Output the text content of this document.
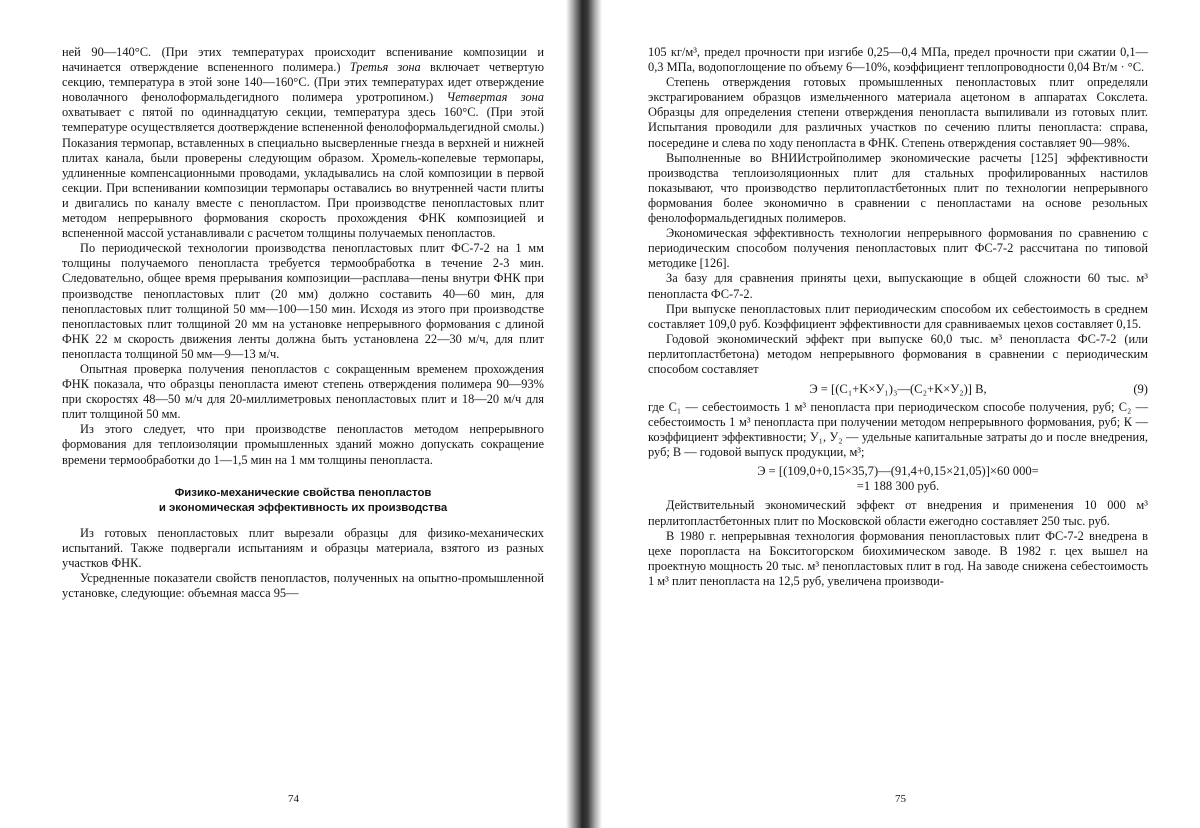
ней 90—140°C. (При этих температурах происходит вспенивание композиции и начинается отверждение вспененного полимера.) Третья зона включает четвертую секцию, температура в этой зоне 140—160°C. (При этих температурах идет отверждение новолачного фенолоформальдегидного полимера уротропином.) Четвертая зона охватывает с пятой по одиннадцатую секции, температура здесь 160°C. (При этой температуре осуществляется доотверждение вспененной фенолоформальдегидной смолы.) Показания термопар, вставленных в специально высверленные гнезда в верхней и нижней плитах канала, были проверены следующим образом. Хромель-копелевые термопары, удлиненные компенсационными проводами, укладывались на слой композиции в первой секции. При вспенивании композиции термопары оставались во внутренней части плиты и двигались по каналу вместе с пенопластом. При производстве пенопластовых плит методом непрерывного формования скорость прохождения ФНК композицией и вспененной массой устанавливали с расчетом толщины получаемых пенопластов.

По периодической технологии производства пенопластовых плит ФС-7-2 на 1 мм толщины получаемого пенопласта требуется термообработка в течение 2-3 мин. Следовательно, общее время прерывания композиции—расплава—пены внутри ФНК при производстве пенопластовых плит (20 мм) должно составить 40—60 мин, для пенопластовых плит толщиной 50 мм—100—150 мин. Исходя из этого при производстве пенопластовых плит толщиной 20 мм на установке непрерывного формования с длиной ФНК 22 м скорость движения ленты должна быть установлена 22—30 м/ч, для плит пенопласта толщиной 50 мм—9—13 м/ч.

Опытная проверка получения пенопластов с сокращенным временем прохождения ФНК показала, что образцы пенопласта имеют степень отверждения полимера 90—93% при скоростях 48—50 м/ч для 20-миллиметровых пенопластовых плит и 18—20 м/ч для плит толщиной 50 мм.

Из этого следует, что при производстве пенопластов методом непрерывного формования для теплоизоляции промышленных зданий можно допускать сокращение времени термообработки до 1—1,5 мин на 1 мм толщины пенопласта.

Физико-механические свойства пенопластов
и экономическая эффективность их производства

Из готовых пенопластовых плит вырезали образцы для физико-механических испытаний. Также подвергали испытаниям и образцы материала, взятого из разных участков ФНК.

Усредненные показатели свойств пенопластов, полученных на опытно-промышленной установке, следующие: объемная масса 95—

74

105 кг/м³, предел прочности при изгибе 0,25—0,4 МПа, предел прочности при сжатии 0,1—0,3 МПа, водопоглощение по объему 6—10%, коэффициент теплопроводности 0,04 Вт/м · °C.

Степень отверждения готовых промышленных пенопластовых плит определяли экстрагированием образцов измельченного материала ацетоном в аппаратах Сокслета. Образцы для определения степени отверждения пенопласта выпиливали из готовых плит. Испытания проводили для различных участков по сечению плиты пенопласта: справа, посередине и слева по ходу пенопласта в ФНК. Степень отверждения составляет 90—98%.

Выполненные во ВНИИстройполимер экономические расчеты [125] эффективности производства теплоизоляционных плит для стальных профилированных настилов показывают, что производство перлитопластбетонных плит по технологии непрерывного формования более экономично в сравнении с пенопластами на основе резольных фенолоформальдегидных полимеров.

Экономическая эффективность технологии непрерывного формования по сравнению с периодическим способом получения пенопластовых плит ФС-7-2 рассчитана по типовой методике [126].

За базу для сравнения приняты цехи, выпускающие в общей сложности 60 тыс. м³ пенопласта ФС-7-2.

При выпуске пенопластовых плит периодическим способом их себестоимость в среднем составляет 109,0 руб. Коэффициент эффективности для сравниваемых цехов составляет 0,15.

Годовой экономический эффект при выпуске 60,0 тыс. м³ пенопласта ФС-7-2 (или перлитопластбетона) методом непрерывного формования в сравнении с периодическим способом составляет

Э = [(C₁+K×У₁)₃—(C₂+K×У₂)] В,	(9)

где C₁ — себестоимость 1 м³ пенопласта при периодическом способе получения, руб; C₂ — себестоимость 1 м³ пенопласта при получении методом непрерывного формования, руб; К — коэффициент эффективности; У₁, У₂ — удельные капитальные затраты до и после внедрения, руб; В — годовой выпуск продукции, м³;

Э = [(109,0+0,15×35,7)—(91,4+0,15×21,05)]×60 000=
=1 188 300 руб.

Действительный экономический эффект от внедрения и применения 10 000 м³ перлитопластбетонных плит по Московской области ежегодно составляет 250 тыс. руб.

В 1980 г. непрерывная технология формования пенопластовых плит ФС-7-2 внедрена в цехе поропласта на Бокситогорском биохимическом заводе. В 1982 г. цех вышел на проектную мощность 20 тыс. м³ пенопластовых плит в год. На заводе снижена себестоимость 1 м³ плит пенопласта на 12,5 руб, увеличена производи-

75
